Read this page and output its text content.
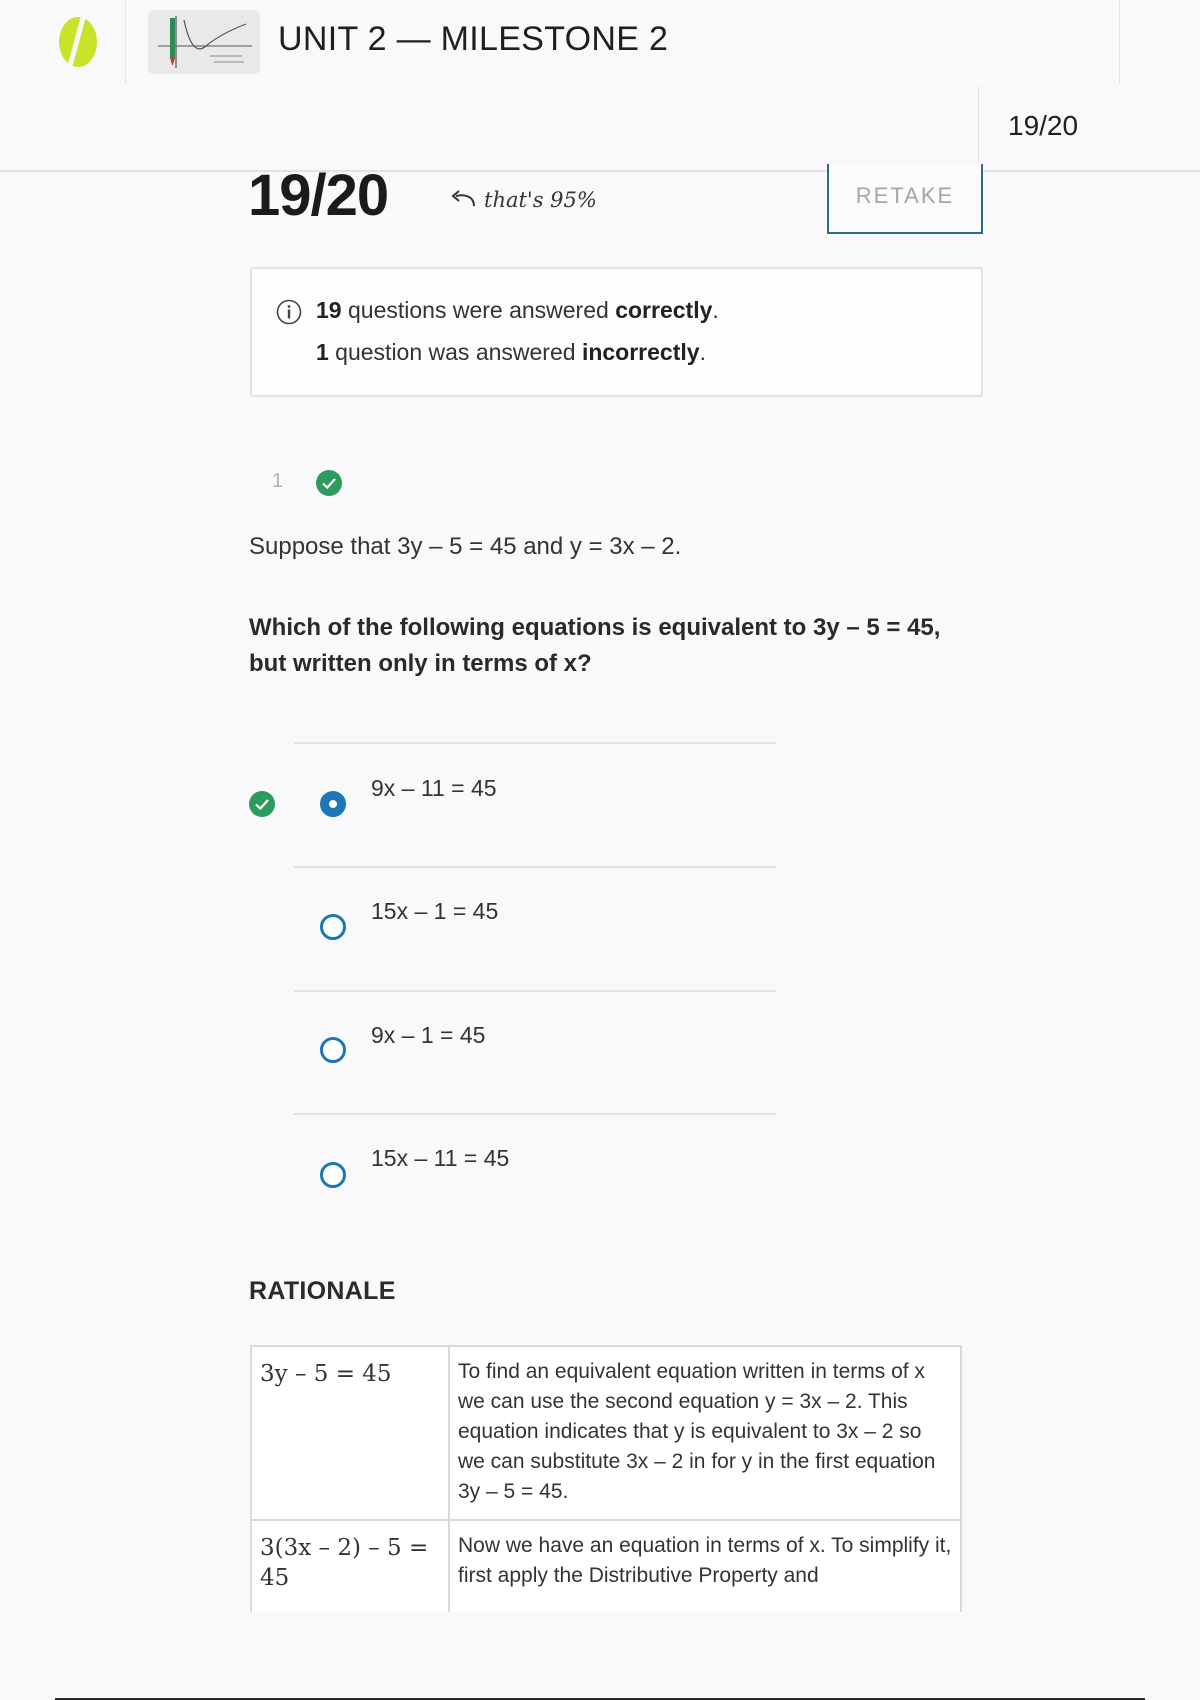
UNIT 2 — MILESTONE 2
19/20
19/20	that's 95%	RETAKE
19 questions were answered correctly.
1 question was answered incorrectly.
1
Suppose that 3y – 5 = 45 and y = 3x – 2.
Which of the following equations is equivalent to 3y – 5 = 45, but written only in terms of x?
9x – 11 = 45
15x – 1 = 45
9x – 1 = 45
15x – 11 = 45
RATIONALE
3y – 5 = 45	To find an equivalent equation written in terms of x we can use the second equation y = 3x – 2. This equation indicates that y is equivalent to 3x – 2 so we can substitute 3x – 2 in for y in the first equation 3y – 5 = 45.
3(3x – 2) – 5 = 45	Now we have an equation in terms of x. To simplify it, first apply the Distributive Property and
